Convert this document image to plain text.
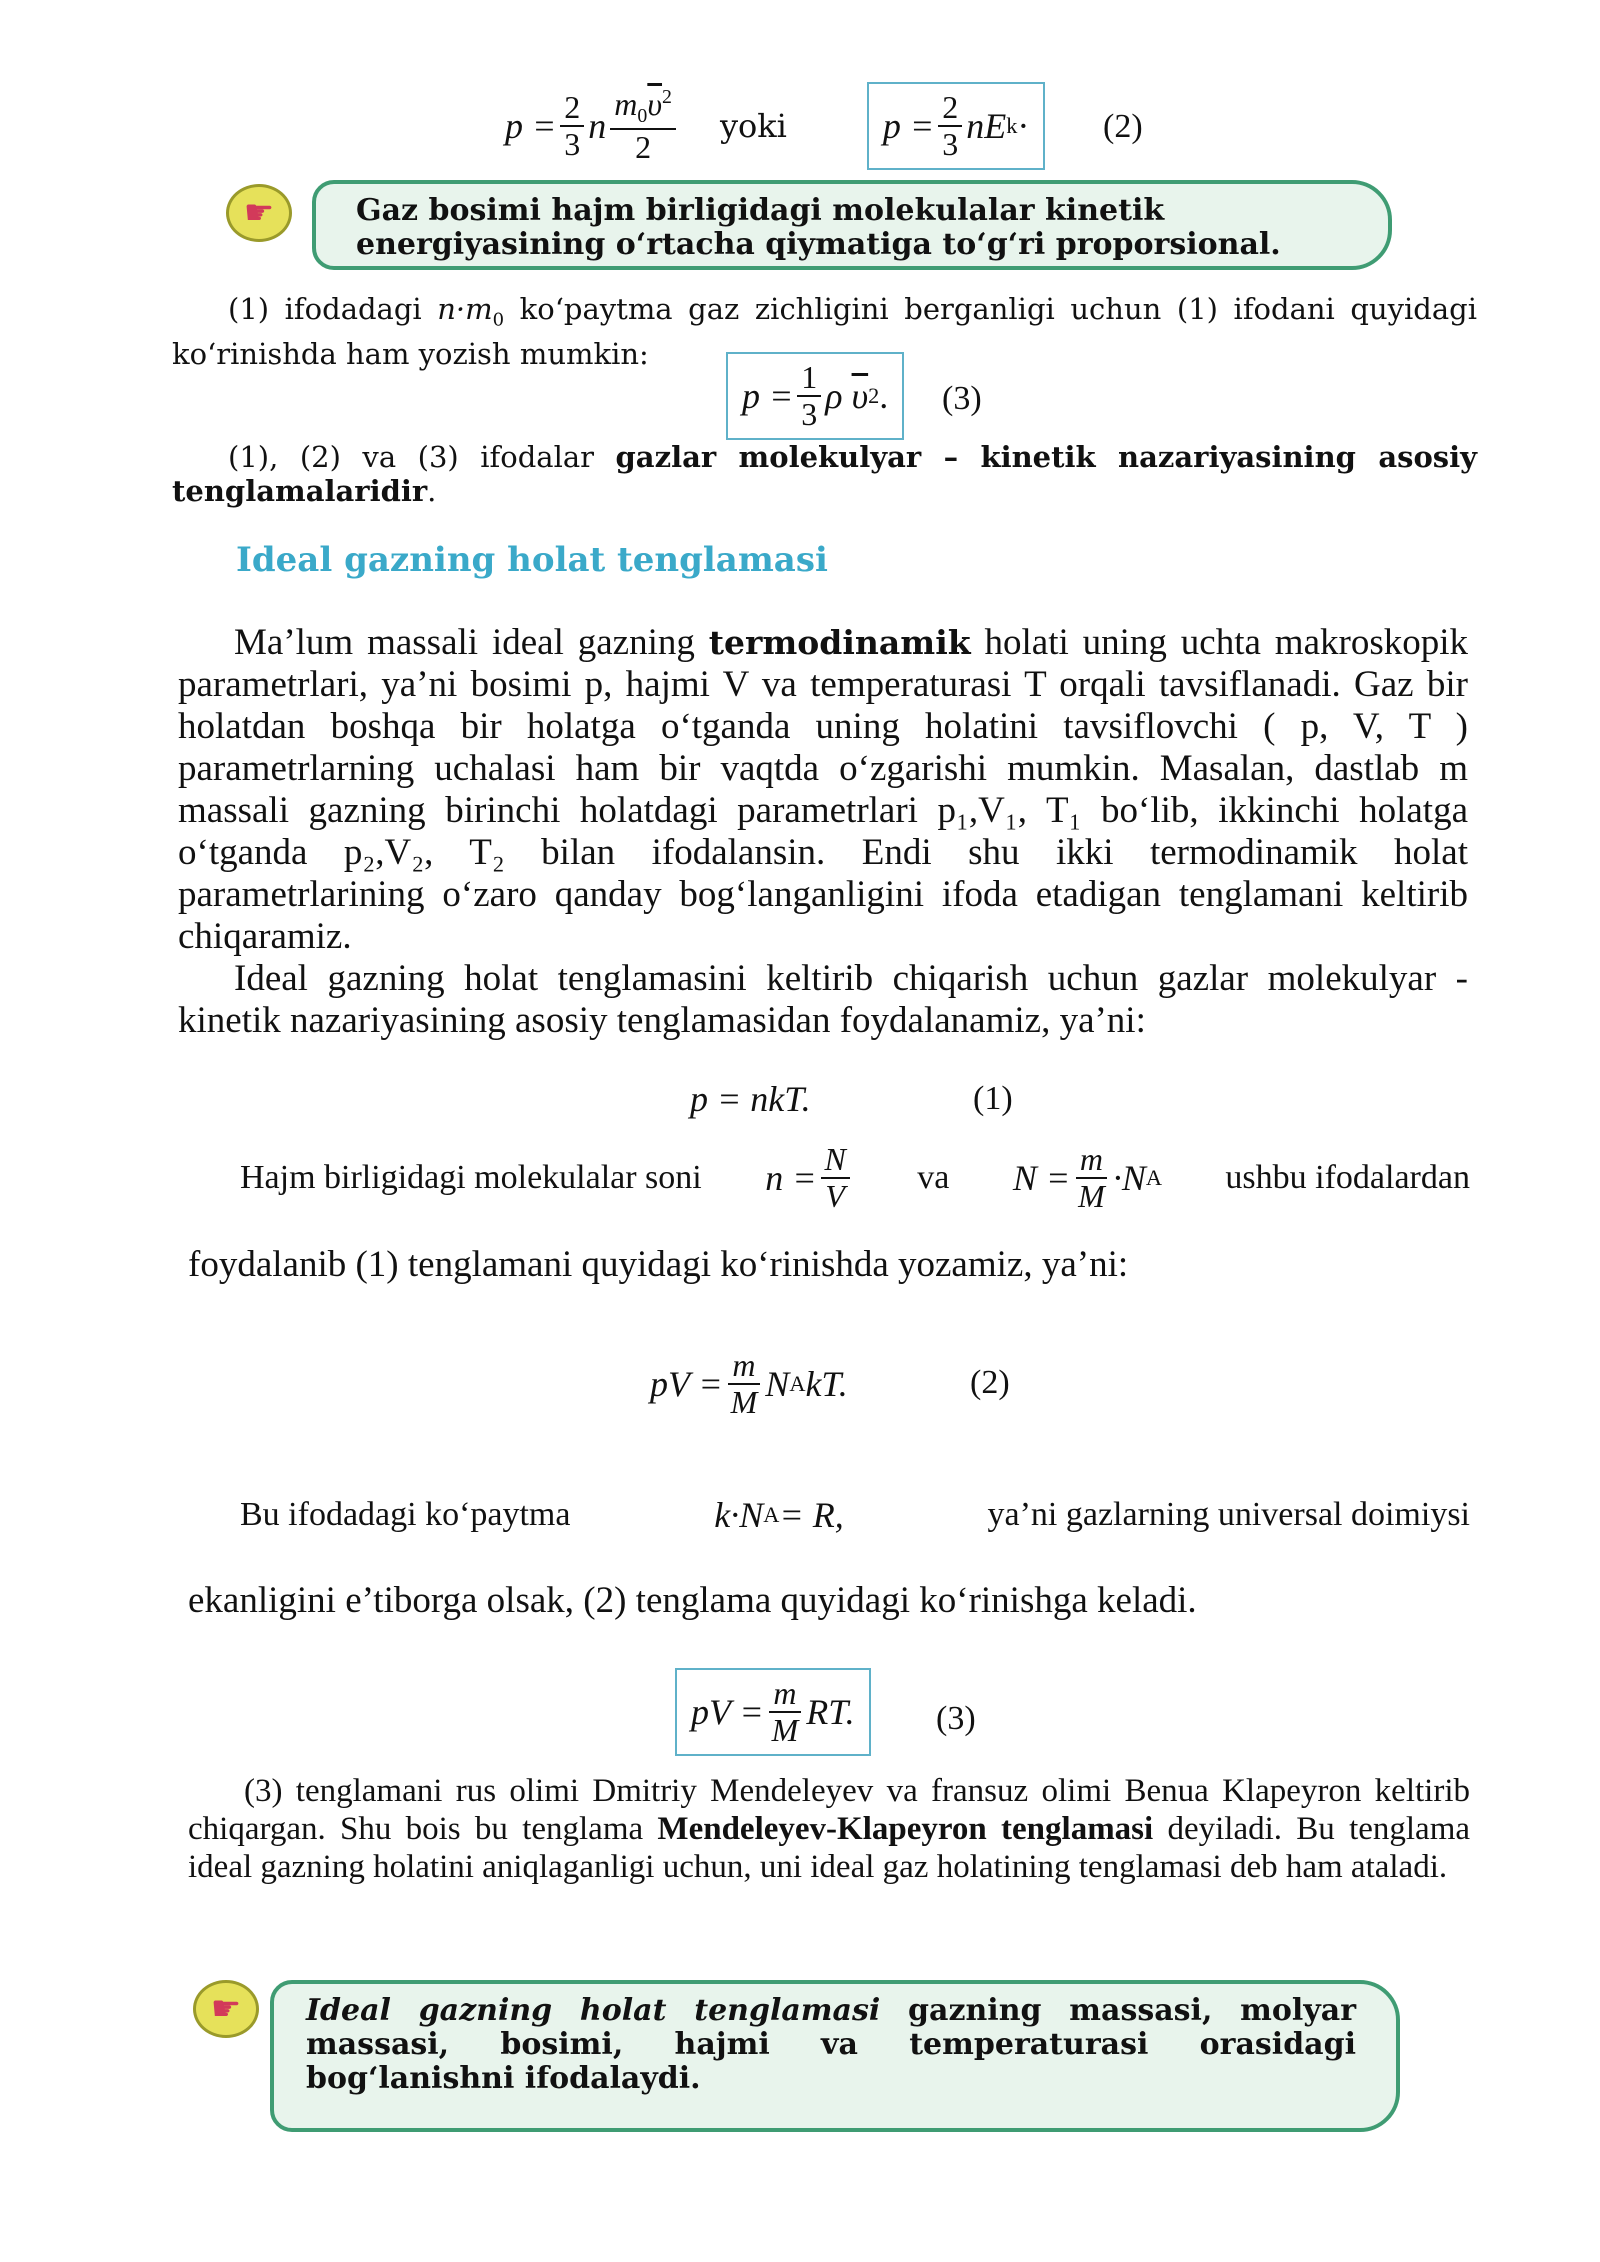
$p = \frac{2}{3}$ n $\frac{m_0\overline{\upsilon}^2}{2}$ yoki	$p = \frac{2}{3}$ nE k · (2)
☛	Gaz bosimi hajm birligidagi molekulalar kinetik energiyasining o‘rtacha qiymatiga to‘g‘ri proporsional.
(1) ifodadagi $n\cdot m_0$ ko‘paytma gaz zichligini berganligi uchun (1) ifodani quyidagi ko‘rinishda ham yozish mumkin:
$p = \frac{1}{3}$ ρ
$\overline{\upsilon}$ 2 . (3)
(1), (2) va (3) ifodalar gazlar molekulyar – kinetik nazariyasining asosiy tenglamalaridir.
Ideal gazning holat tenglamasi
Ma’lum massali ideal gazning termodinamik holati uning uchta makroskopik parametrlari, ya’ni bosimi p, hajmi V va temperaturasi T orqali tavsiflanadi. Gaz bir holatdan boshqa bir holatga o‘tganda uning holatini tavsiflovchi ( p, V, T ) parametrlarning uchalasi ham bir vaqtda o‘zgarishi mumkin. Masalan, dastlab m massali gazning birinchi holatdagi parametrlari p₁,V₁, T₁ bo‘lib, ikkinchi holatga o‘tganda p₂,V₂, T₂ bilan ifodalansin. Endi shu ikki termodinamik holat parametrlarining o‘zaro qanday bog‘langanligini ifoda etadigan tenglamani keltirib chiqaramiz.
Ideal gazning holat tenglamasini keltirib chiqarish uchun gazlar molekulyar - kinetik nazariyasining asosiy tenglamasidan foydalanamiz, ya’ni:
p = nkT.	(1)
Hajm birligidagi molekulalar soni $n = \frac{N}{V}$ va $N = \frac{m}{M} \cdot N$ A ushbu ifodalardan
foydalanib (1) tenglamani quyidagi ko‘rinishda yozamiz, ya’ni:
pV = $\frac{m}{M}$ N A kT.	(2)
Bu ifodadagi ko‘paytma	k·N A = R,	ya’ni gazlarning universal doimiysi
ekanligini e’tiborga olsak, (2) tenglama quyidagi ko‘rinishga keladi.
pV = $\frac{m}{M}$ RT. (3)
(3) tenglamani rus olimi Dmitriy Mendeleyev va fransuz olimi Benua Klapeyron keltirib chiqargan. Shu bois bu tenglama Mendeleyev-Klapeyron tenglamasi deyiladi. Bu tenglama ideal gazning holatini aniqlaganligi uchun, uni ideal gaz holatining tenglamasi deb ham ataladi.
☛	Ideal gazning holat tenglamasi gazning massasi, molyar massasi, bosimi, hajmi va temperaturasi orasidagi bog‘lanishni ifodalaydi.
